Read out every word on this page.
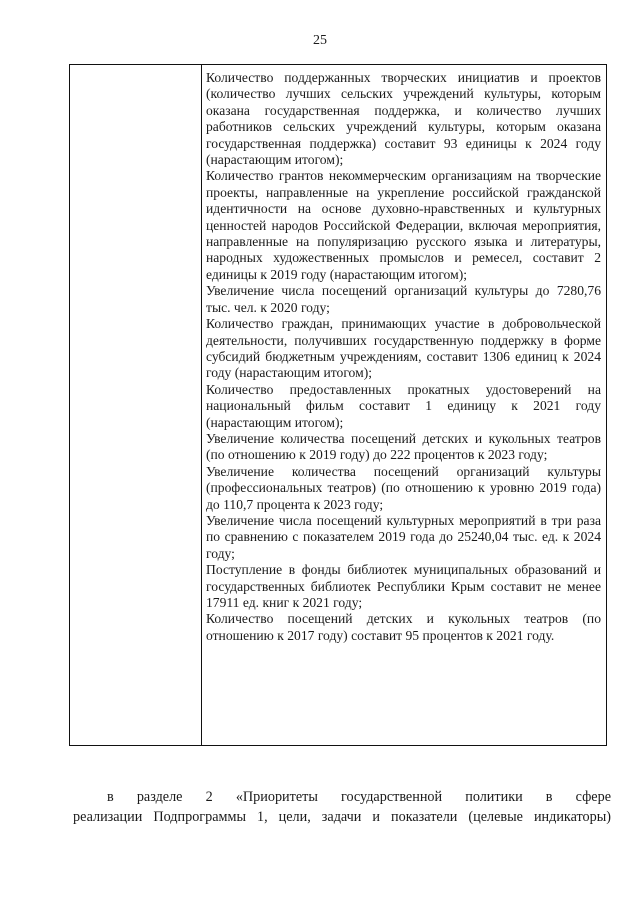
25

Количество поддержанных творческих инициатив и проектов (количество лучших сельских учреждений культуры, которым оказана государственная поддержка, и количество лучших работников сельских учреждений культуры, которым оказана государственная поддержка) составит 93 единицы к 2024 году (нарастающим итогом);

Количество грантов некоммерческим организациям на творческие проекты, направленные на укрепление российской гражданской идентичности на основе духовно-нравственных и культурных ценностей народов Российской Федерации, включая мероприятия, направленные на популяризацию русского языка и литературы, народных художественных промыслов и ремесел, составит 2 единицы к 2019 году (нарастающим итогом);

Увеличение числа посещений организаций культуры до 7280,76 тыс. чел. к 2020 году;

Количество граждан, принимающих участие в добровольческой деятельности, получивших государственную поддержку в форме субсидий бюджетным учреждениям, составит 1306 единиц к 2024 году (нарастающим итогом);

Количество предоставленных прокатных удостоверений на национальный фильм составит 1 единицу к 2021 году (нарастающим итогом);

Увеличение количества посещений детских и кукольных театров (по отношению к 2019 году) до 222 процентов к 2023 году;

Увеличение количества посещений организаций культуры (профессиональных театров) (по отношению к уровню 2019 года) до 110,7 процента к 2023 году;

Увеличение числа посещений культурных мероприятий в три раза по сравнению с показателем 2019 года до 25240,04 тыс. ед. к 2024 году;

Поступление в фонды библиотек муниципальных образований и государственных библиотек Республики Крым составит не менее 17911 ед. книг к 2021 году;

Количество посещений детских и кукольных театров (по отношению к 2017 году) составит 95 процентов к 2021 году.

в разделе 2 «Приоритеты государственной политики в сфере
реализации Подпрограммы 1, цели, задачи и показатели (целевые индикаторы)
